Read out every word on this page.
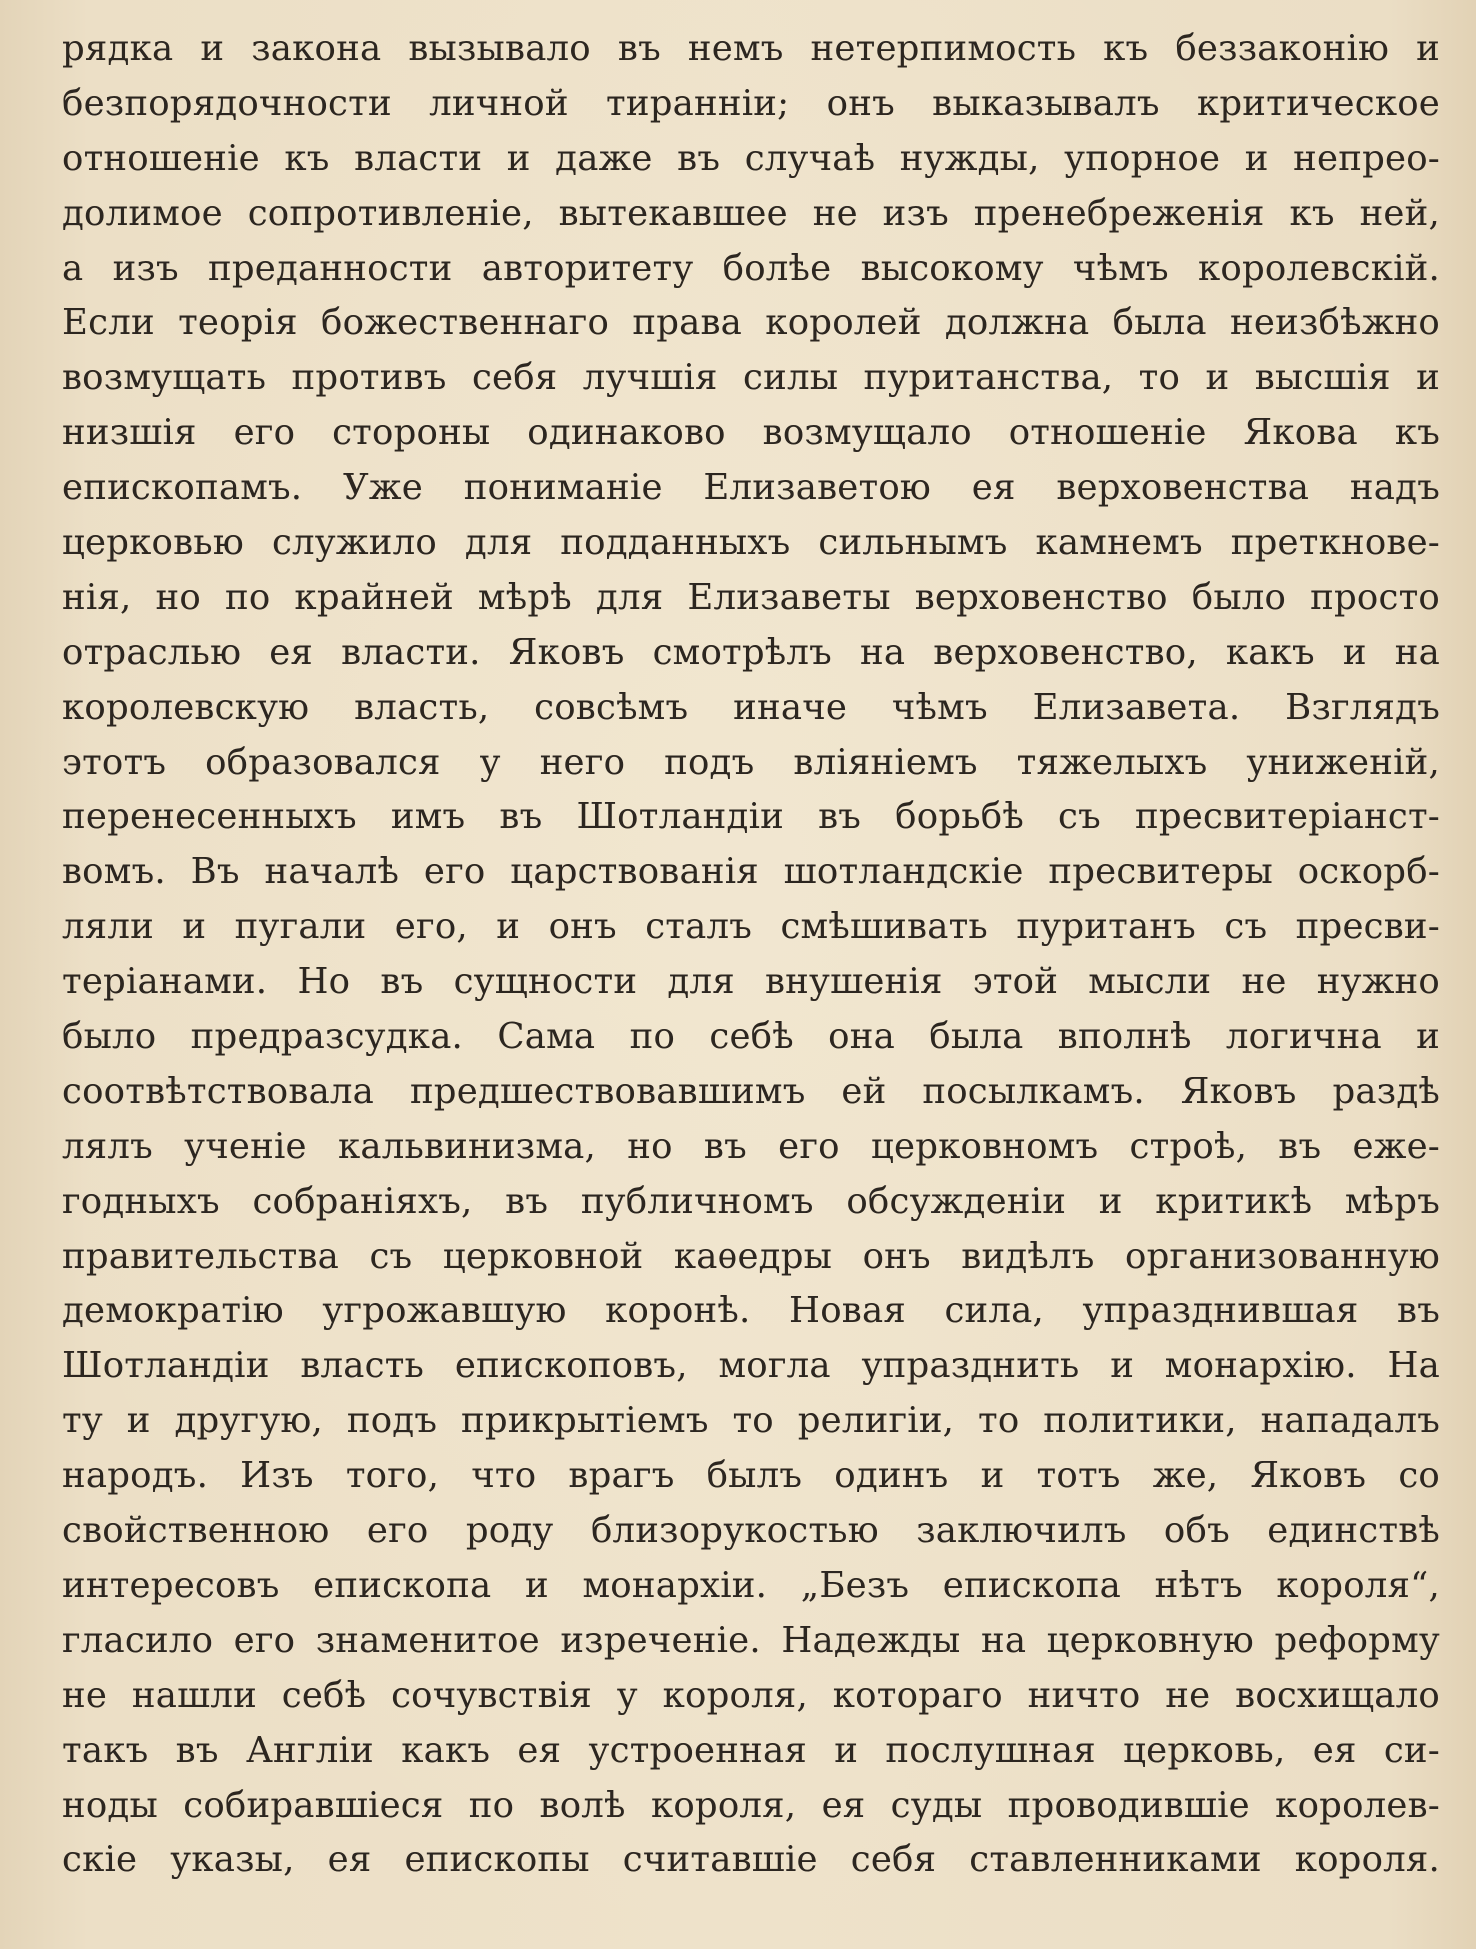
рядка и закона вызывало въ немъ нетерпимость къ беззаконію и
безпорядочности личной тиранніи; онъ выказывалъ критическое
отношеніе къ власти и даже въ случаѣ нужды, упорное и непрео-
долимое сопротивленіе, вытекавшее не изъ пренебреженія къ ней,
а изъ преданности авторитету болѣе высокому чѣмъ королевскій.
Если теорія божественнаго права королей должна была неизбѣжно
возмущать противъ себя лучшія силы пуританства, то и высшія и
низшія его стороны одинаково возмущало отношеніе Якова къ
епископамъ. Уже пониманіе Елизаветою ея верховенства надъ
церковью служило для подданныхъ сильнымъ камнемъ преткнове-
нія, но по крайней мѣрѣ для Елизаветы верховенство было просто
отраслью ея власти. Яковъ смотрѣлъ на верховенство, какъ и на
королевскую власть, совсѣмъ иначе чѣмъ Елизавета. Взглядъ
этотъ образовался у него подъ вліяніемъ тяжелыхъ униженій,
перенесенныхъ имъ въ Шотландіи въ борьбѣ съ пресвитеріанст-
вомъ. Въ началѣ его царствованія шотландскіе пресвитеры оскорб-
ляли и пугали его, и онъ сталъ смѣшивать пуританъ съ пресви-
теріанами. Но въ сущности для внушенія этой мысли не нужно
было предразсудка. Сама по себѣ она была вполнѣ логична и
соотвѣтствовала предшествовавшимъ ей посылкамъ. Яковъ раздѣ
лялъ ученіе кальвинизма, но въ его церковномъ строѣ, въ еже-
годныхъ собраніяхъ, въ публичномъ обсужденіи и критикѣ мѣръ
правительства съ церковной каѳедры онъ видѣлъ организованную
демократію угрожавшую коронѣ. Новая сила, упразднившая въ
Шотландіи власть епископовъ, могла упразднить и монархію. На
ту и другую, подъ прикрытіемъ то религіи, то политики, нападалъ
народъ. Изъ того, что врагъ былъ одинъ и тотъ же, Яковъ со
свойственною его роду близорукостью заключилъ объ единствѣ
интересовъ епископа и монархіи. „Безъ епископа нѣтъ короля“,
гласило его знаменитое изреченіе. Надежды на церковную реформу
не нашли себѣ сочувствія у короля, котораго ничто не восхищало
такъ въ Англіи какъ ея устроенная и послушная церковь, ея си-
ноды собиравшіеся по волѣ короля, ея суды проводившіе королев-
скіе указы, ея епископы считавшіе себя ставленниками короля.
